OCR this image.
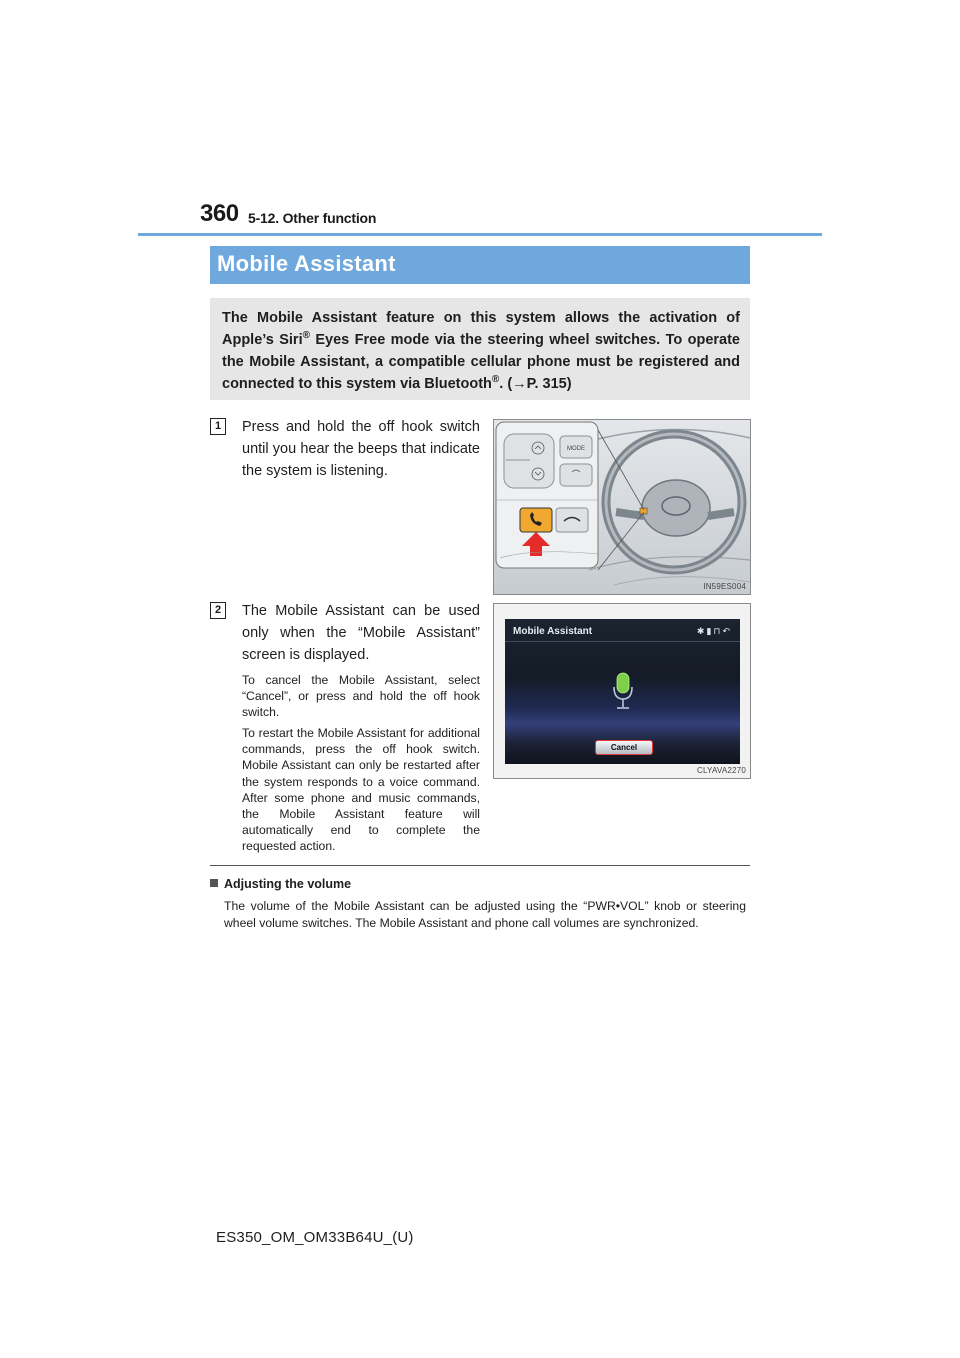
360 5-12. Other function
Mobile Assistant
The Mobile Assistant feature on this system allows the activation of Apple’s Siri® Eyes Free mode via the steering wheel switches. To operate the Mobile Assistant, a compatible cellular phone must be registered and connected to this system via Bluetooth®. (→P. 315)
1	Press and hold the off hook switch until you hear the beeps that indicate the system is listening.
MODE
IN59ES004
2	The Mobile Assistant can be used only when the “Mobile Assistant” screen is displayed.
To cancel the Mobile Assistant, select “Cancel”, or press and hold the off hook switch.
To restart the Mobile Assistant for additional commands, press the off hook switch. Mobile Assistant can only be restarted after the system responds to a voice command. After some phone and music commands, the Mobile Assistant feature will automatically end to complete the requested action.
Mobile Assistant	✱▮⊓↶
Cancel
CLYAVA2270
Adjusting the volume
The volume of the Mobile Assistant can be adjusted using the “PWR•VOL” knob or steering wheel volume switches. The Mobile Assistant and phone call volumes are synchronized.
ES350_OM_OM33B64U_(U)
